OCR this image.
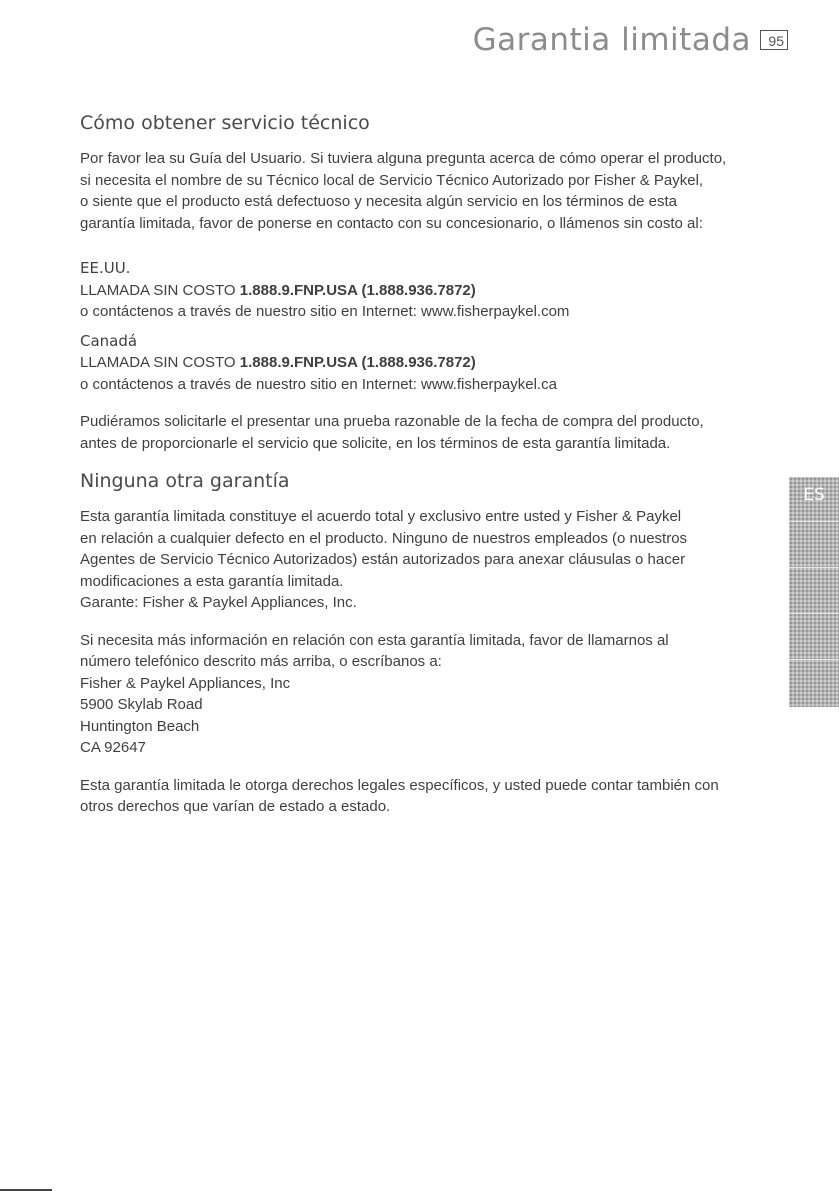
Garantia limitada	95
ES
Cómo obtener servicio técnico

Por favor lea su Guía del Usuario. Si tuviera alguna pregunta acerca de cómo operar el producto,
si necesita el nombre de su Técnico local de Servicio Técnico Autorizado por Fisher & Paykel,
o siente que el producto está defectuoso y necesita algún servicio en los términos de esta
garantía limitada, favor de ponerse en contacto con su concesionario, o llámenos sin costo al:

EE.UU.

LLAMADA SIN COSTO 1.888.9.FNP.USA (1.888.936.7872)

o contáctenos a través de nuestro sitio en Internet: www.fisherpaykel.com

Canadá

LLAMADA SIN COSTO 1.888.9.FNP.USA (1.888.936.7872)

o contáctenos a través de nuestro sitio en Internet: www.fisherpaykel.ca

Pudiéramos solicitarle el presentar una prueba razonable de la fecha de compra del producto,
antes de proporcionarle el servicio que solicite, en los términos de esta garantía limitada.

Ninguna otra garantía

Esta garantía limitada constituye el acuerdo total y exclusivo entre usted y Fisher & Paykel
en relación a cualquier defecto en el producto. Ninguno de nuestros empleados (o nuestros
Agentes de Servicio Técnico Autorizados) están autorizados para anexar cláusulas o hacer
modificaciones a esta garantía limitada.
Garante: Fisher & Paykel Appliances, Inc.

Si necesita más información en relación con esta garantía limitada, favor de llamarnos al
número telefónico descrito más arriba, o escríbanos a:
Fisher & Paykel Appliances, Inc
5900 Skylab Road
Huntington Beach
CA 92647

Esta garantía limitada le otorga derechos legales específicos, y usted puede contar también con
otros derechos que varían de estado a estado.
